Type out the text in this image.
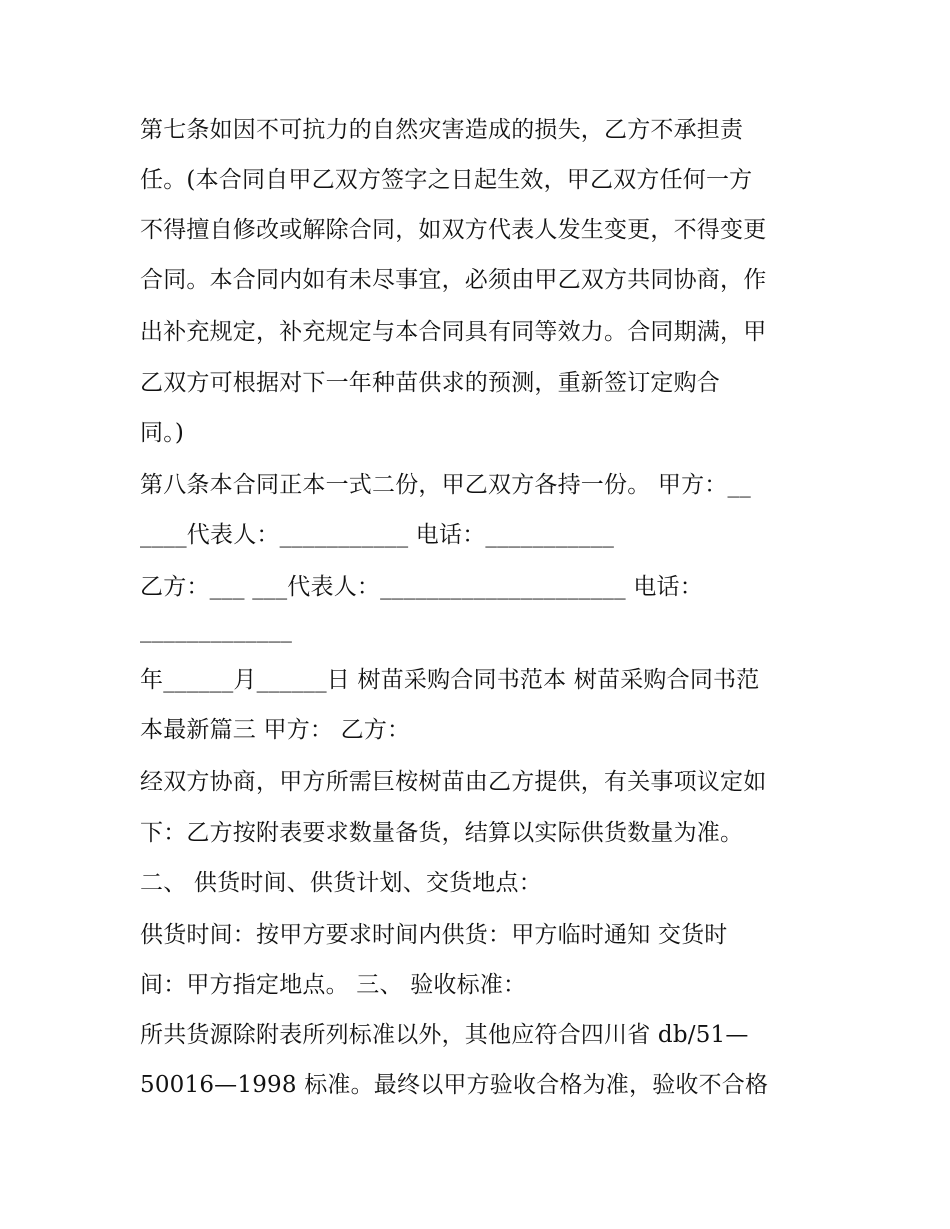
第七条如因不可抗力的自然灾害造成的损失，乙方不承担责

任。(本合同自甲乙双方签字之日起生效，甲乙双方任何一方

不得擅自修改或解除合同，如双方代表人发生变更，不得变更

合同。本合同内如有未尽事宜，必须由甲乙双方共同协商，作

出补充规定，补充规定与本合同具有同等效力。合同期满，甲

乙双方可根据对下一年种苗供求的预测，重新签订定购合

同。)

第八条本合同正本一式二份，甲乙双方各持一份。 甲方：__

____代表人：___________ 电话：___________

乙方：___ ___代表人：_____________________ 电话：

_____________

年______月______日 树苗采购合同书范本 树苗采购合同书范

本最新篇三 甲方： 乙方：

经双方协商，甲方所需巨桉树苗由乙方提供，有关事项议定如

下：乙方按附表要求数量备货，结算以实际供货数量为准。

二、 供货时间、供货计划、交货地点：

供货时间：按甲方要求时间内供货：甲方临时通知 交货时

间：甲方指定地点。 三、 验收标准：

所共货源除附表所列标准以外，其他应符合四川省 db/51—

50016—1998 标准。最终以甲方验收合格为准，验收不合格
